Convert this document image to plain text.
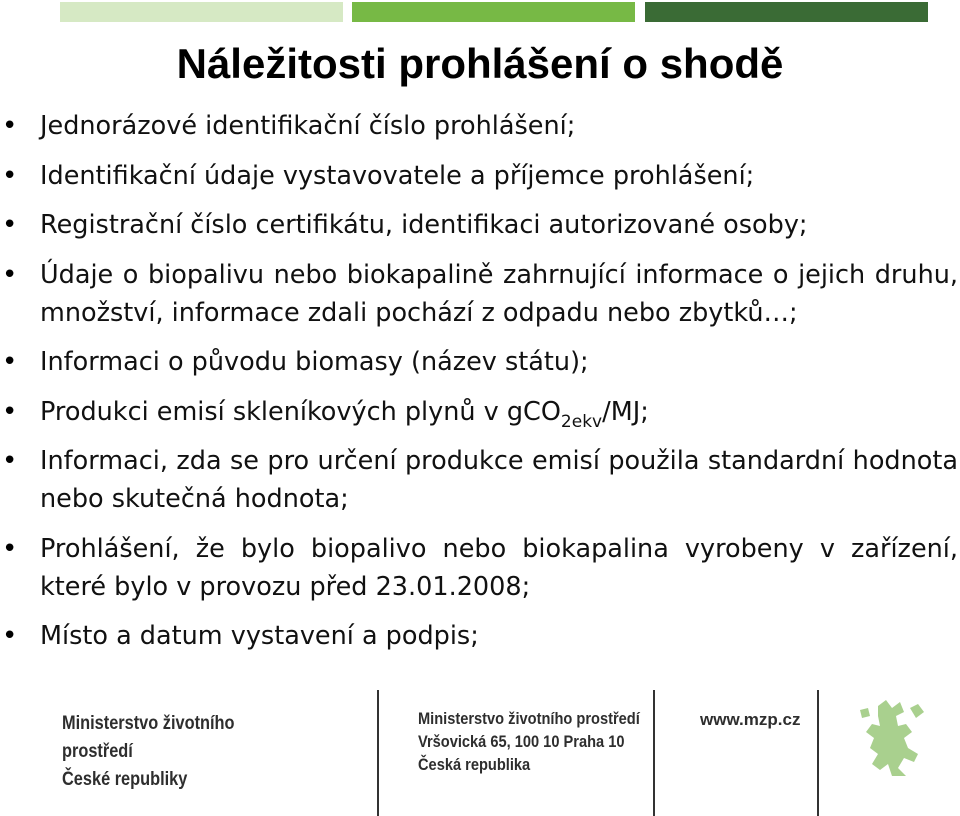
Náležitosti prohlášení o shodě
• Jednorázové identifikační číslo prohlášení;
• Identifikační údaje vystavovatele a příjemce prohlášení;
• Registrační číslo certifikátu, identifikaci autorizované osoby;
• Údaje o biopalivu nebo biokapalině zahrnující informace o jejich druhu, množství, informace zdali pochází z odpadu nebo zbytků…;
• Informaci o původu biomasy (název státu);
• Produkci emisí skleníkových plynů v gCO$_{2ekv}$/MJ;
• Informaci, zda se pro určení produkce emisí použila standardní hodnota nebo skutečná hodnota;
• Prohlášení, že bylo biopalivo nebo biokapalina vyrobeny v zařízení, které bylo v provozu před 23.01.2008;
• Místo a datum vystavení a podpis;
Ministerstvo životního prostředí
České republiky
Ministerstvo životního prostředí
Vršovická 65, 100 10 Praha 10
Česká republika
www.mzp.cz
